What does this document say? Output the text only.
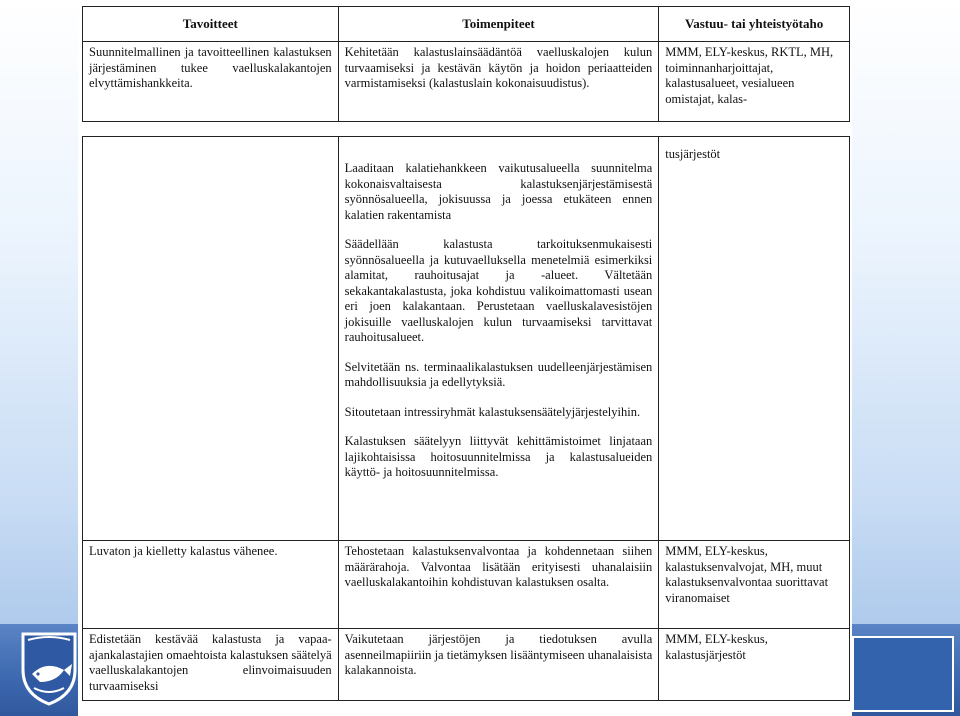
Tavoitteet	Toimenpiteet	Vastuu- tai yhteistyötaho
Suunnitelmallinen ja tavoitteellinen kalastuksen järjestäminen tukee vaelluskalakantojen elvyttämishankkeita.	Kehitetään kalastuslainsäädäntöä vaelluskalojen kulun turvaamiseksi ja kestävän käytön ja hoidon periaatteiden varmistamiseksi (kalastuslain kokonaisuudistus).	MMM, ELY-keskus, RKTL, MH, toiminnanharjoittajat, kalastusalueet, vesialueen omistajat, kalas-

	Laaditaan kalatiehankkeen vaikutusalueella suunnitelma kokonaisvaltaisesta kalastuksenjärjestämisestä syönnösalueella, jokisuussa ja joessa etukäteen ennen kalatien rakentamista

Säädellään kalastusta tarkoituksenmukaisesti syönnösalueella ja kutuvaelluksella menetelmiä esimerkiksi alamitat, rauhoitusajat ja -alueet. Vältetään sekakantakalastusta, joka kohdistuu valikoimattomasti usean eri joen kalakantaan. Perustetaan vaelluskalavesistöjen jokisuille vaelluskalojen kulun turvaamiseksi tarvittavat rauhoitusalueet.

Selvitetään ns. terminaalikalastuksen uudelleenjärjestämisen mahdollisuuksia ja edellytyksiä.

Sitoutetaan intressiryhmät kalastuksensäätelyjärjestelyihin.

Kalastuksen säätelyyn liittyvät kehittämistoimet linjataan lajikohtaisissa hoitosuunnitelmissa ja kalastusalueiden käyttö- ja hoitosuunnitelmissa.	tusjärjestöt
Luvaton ja kielletty kalastus vähenee.	Tehostetaan kalastuksenvalvontaa ja kohdennetaan siihen määrärahoja. Valvontaa lisätään erityisesti uhanalaisiin vaelluskalakantoihin kohdistuvan kalastuksen osalta.	MMM, ELY-keskus, kalastuksenvalvojat, MH, muut kalastuksenvalvontaa suorittavat viranomaiset
Edistetään kestävää kalastusta ja vapaa-ajankalastajien omaehtoista kalastuksen säätelyä vaelluskalakantojen elinvoimaisuuden turvaamiseksi	Vaikutetaan järjestöjen ja tiedotuksen avulla asenneilmapiiriin ja tietämyksen lisääntymiseen uhanalaisista kalakannoista.	MMM, ELY-keskus, kalastusjärjestöt
